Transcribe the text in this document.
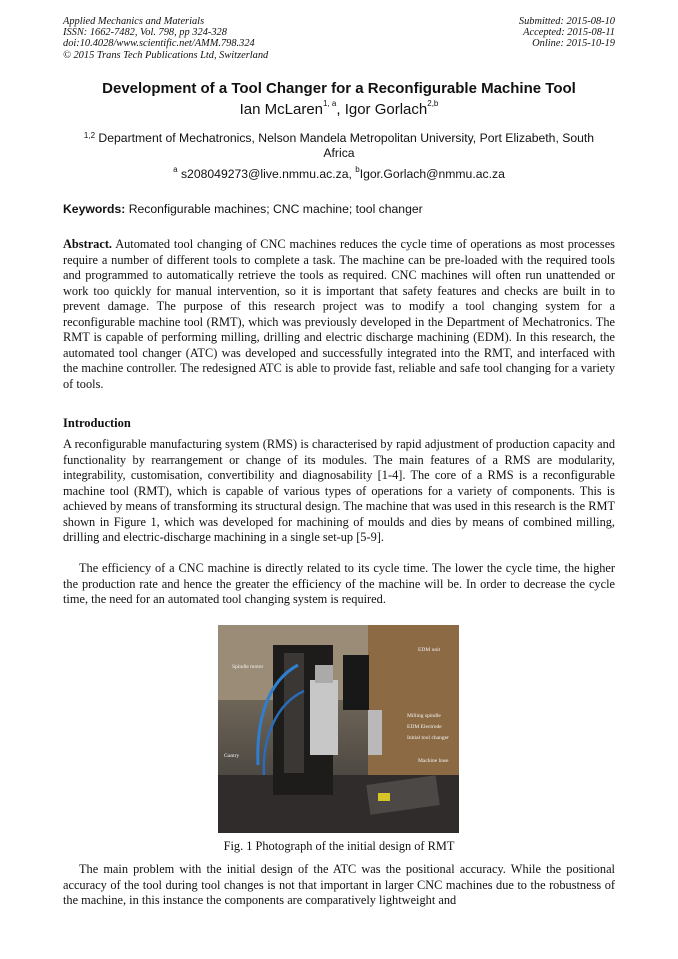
Applied Mechanics and Materials
ISSN: 1662-7482, Vol. 798, pp 324-328
doi:10.4028/www.scientific.net/AMM.798.324
© 2015 Trans Tech Publications Ltd, Switzerland
Submitted: 2015-08-10
Accepted: 2015-08-11
Online: 2015-10-19
Development of a Tool Changer for a Reconfigurable Machine Tool
Ian McLaren$^{1, a}$, Igor Gorlach$^{2,b}$
$^{1,2}$ Department of Mechatronics, Nelson Mandela Metropolitan University, Port Elizabeth, South Africa
$^a$ s208049273@live.nmmu.ac.za, $^b$Igor.Gorlach@nmmu.ac.za
Keywords: Reconfigurable machines; CNC machine; tool changer

Abstract. Automated tool changing of CNC machines reduces the cycle time of operations as most processes require a number of different tools to complete a task. The machine can be pre-loaded with the required tools and programmed to automatically retrieve the tools as required. CNC machines will often run unattended or work too quickly for manual intervention, so it is important that safety features and checks are built in to prevent damage. The purpose of this research project was to modify a tool changing system for a reconfigurable machine tool (RMT), which was previously developed in the Department of Mechatronics. The RMT is capable of performing milling, drilling and electric discharge machining (EDM). In this research, the automated tool changer (ATC) was developed and successfully integrated into the RMT, and interfaced with the machine controller. The redesigned ATC is able to provide fast, reliable and safe tool changing for a variety of tools.

Introduction

A reconfigurable manufacturing system (RMS) is characterised by rapid adjustment of production capacity and functionality by rearrangement or change of its modules. The main features of a RMS are modularity, integrability, customisation, convertibility and diagnosability [1-4]. The core of a RMS is a reconfigurable machine tool (RMT), which is capable of various types of operations for a variety of components. This is achieved by means of transforming its structural design. The machine that was used in this research is the RMT shown in Figure 1, which was developed for machining of moulds and dies by means of combined milling, drilling and electric-discharge machining in a single set-up [5-9].

The efficiency of a CNC machine is directly related to its cycle time. The lower the cycle time, the higher the production rate and hence the greater the efficiency of the machine will be. In order to decrease the cycle time, the need for an automated tool changing system is required.

Spindle motor
EDM unit
Gantry
Milling spindle
EDM Electrode
Initial tool changer
Machine base
Fig. 1 Photograph of the initial design of RMT

The main problem with the initial design of the ATC was the positional accuracy. While the positional accuracy of the tool during tool changes is not that important in larger CNC machines due to the robustness of the machine, in this instance the components are comparatively lightweight and
